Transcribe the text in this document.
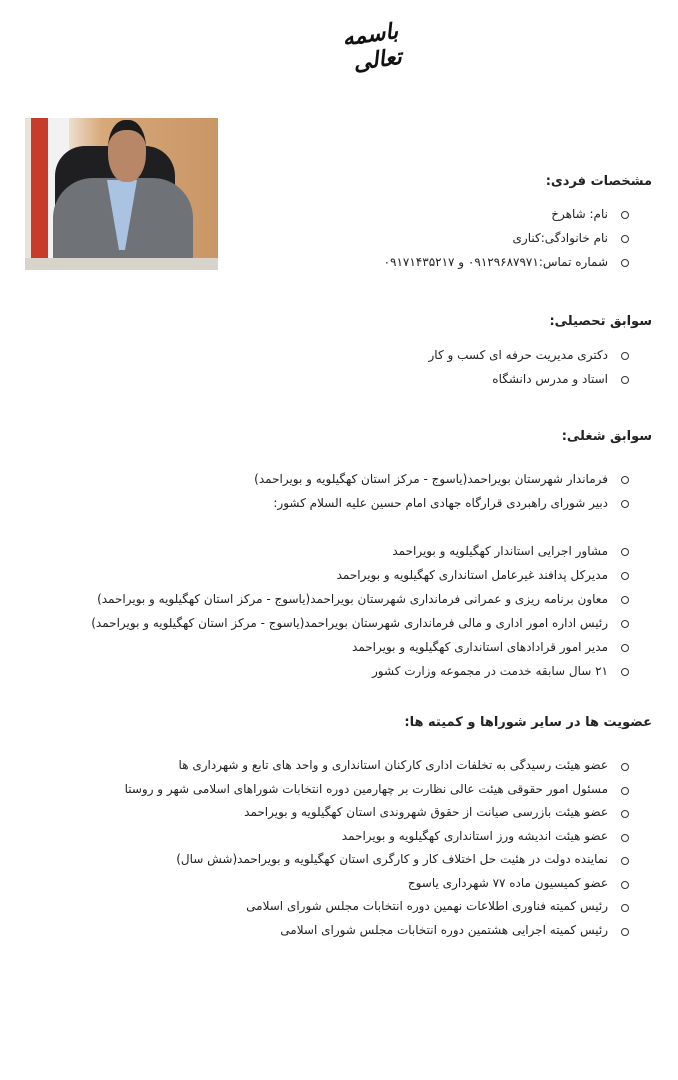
باسمه تعالی
مشخصات فردی:
نام: شاهرخ
نام خانوادگی:کناری
شماره تماس:۰۹۱۲۹۶۸۷۹۷۱ و ۰۹۱۷۱۴۳۵۲۱۷
سوابق تحصیلی:
دکتری مدیریت حرفه ای کسب و کار
استاد و مدرس دانشگاه
سوابق شغلی:
فرماندار شهرستان بویراحمد(یاسوج - مرکز استان کهگیلویه و بویراحمد)
دبیر شورای راهبردی قرارگاه جهادی امام حسین علیه السلام کشور:
مشاور اجرایی استاندار کهگیلویه و بویراحمد
مدیرکل پدافند غیرعامل استانداری کهگیلویه و بویراحمد
معاون برنامه ریزی و عمرانی فرمانداری شهرستان بویراحمد(یاسوج - مرکز استان کهگیلویه و بویراحمد)
رئیس اداره امور اداری و مالی فرمانداری شهرستان بویراحمد(یاسوج - مرکز استان کهگیلویه و بویراحمد)
مدیر امور قرادادهای استانداری کهگیلویه و بویراحمد
۲۱ سال سابقه خدمت در مجموعه وزارت کشور
عضویت ها در سایر شوراها و کمیته ها:
عضو هیئت رسیدگی به تخلفات اداری کارکنان استانداری و واحد های تابع و شهرداری ها
مسئول امور حقوقی هیئت عالی نظارت بر چهارمین دوره انتخابات شوراهای اسلامی شهر و روستا
عضو هیئت بازرسی صیانت از حقوق شهروندی استان کهگیلویه و بویراحمد
عضو هیئت اندیشه ورز استانداری کهگیلویه و بویراحمد
نماینده دولت در هئیت حل اختلاف کار و کارگری استان کهگیلویه و بویراحمد(شش سال)
عضو کمیسیون ماده ۷۷ شهرداری یاسوج
رئیس کمیته فناوری اطلاعات نهمین دوره انتخابات مجلس شورای اسلامی
رئیس کمیته اجرایی هشتمین دوره انتخابات مجلس شورای اسلامی
